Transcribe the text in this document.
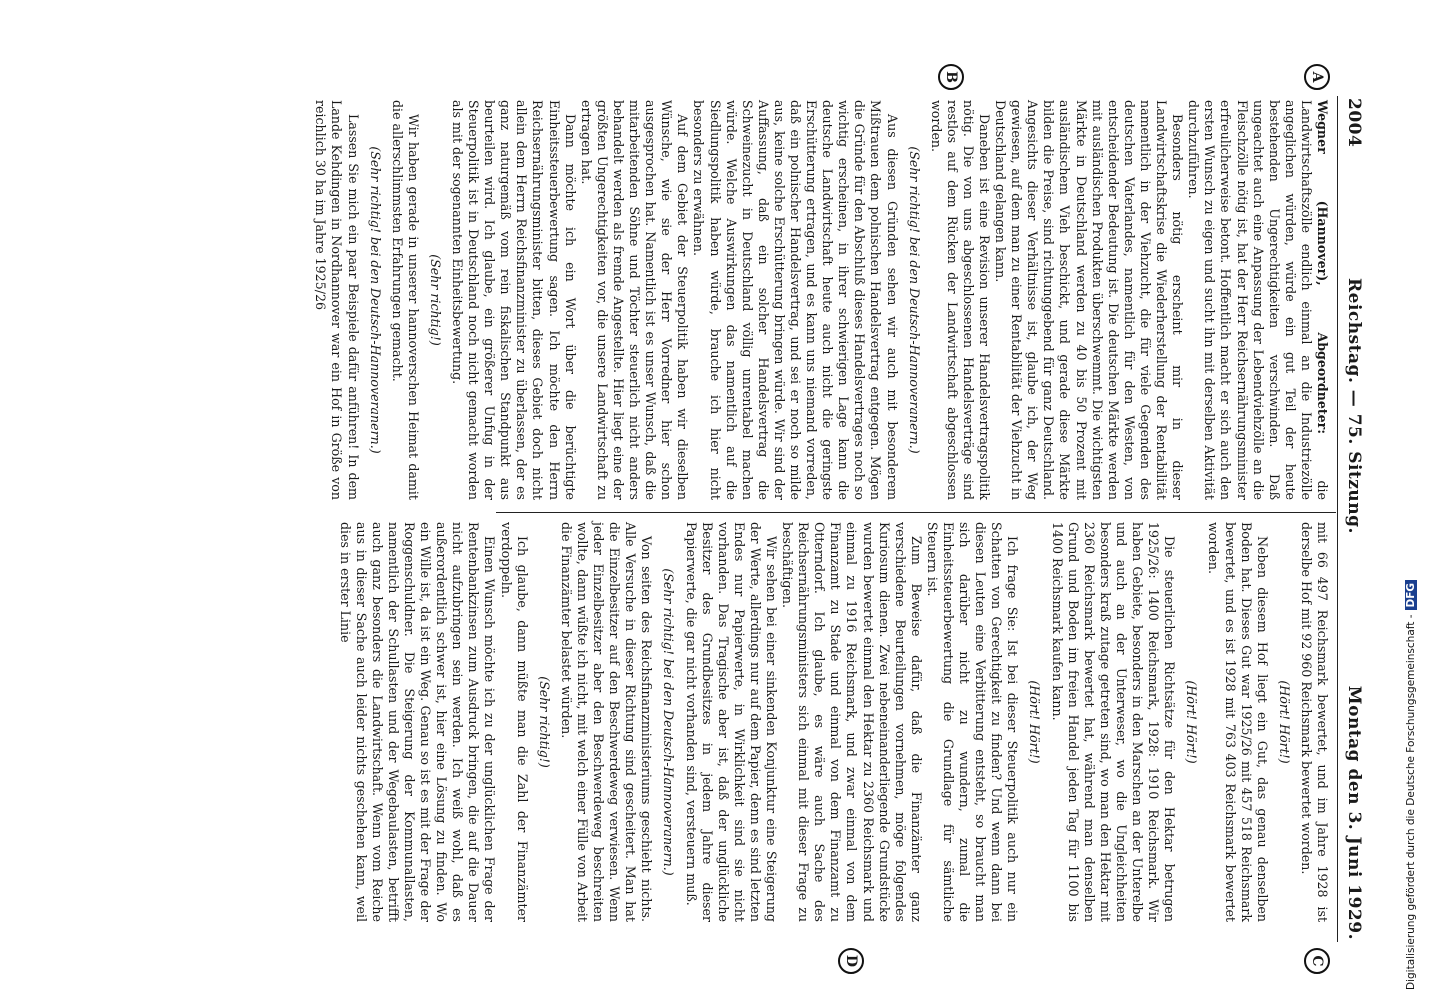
2004
Reichstag. — 75. Sitzung.
Montag den 3. Juni 1929.
A
B
C
D

Wegner (Hannover), Abgeordneter: die Landwirtschaftszölle endlich einmal an die Industriezölle angeglichen würden, würde ein gut Teil der heute bestehenden Ungerechtigkeiten verschwinden. Daß ungeachtet auch eine Anpassung der Lebendviehzölle an die Fleischzölle nötig ist, hat der Herr Reichsernährungsminister erfreulicherweise betont. Hoffentlich macht er sich auch den ersten Wunsch zu eigen und sucht ihn mit derselben Aktivität durchzuführen.

Besonders nötig erscheint mir in dieser Landwirtschaftskrise die Wiederherstellung der Rentabilität namentlich in der Viehzucht, die für viele Gegenden des deutschen Vaterlandes, namentlich für den Westen, von entscheidender Bedeutung ist. Die deutschen Märkte werden mit ausländischen Produkten überschwemmt. Die wichtigsten Märkte in Deutschland werden zu 40 bis 50 Prozent mit ausländischem Vieh beschickt, und gerade diese Märkte bilden die Preise, sind richtunggebend für ganz Deutschland. Angesichts dieser Verhältnisse ist, glaube ich, der Weg gewiesen, auf dem man zu einer Rentabilität der Viehzucht in Deutschland gelangen kann.

Daneben ist eine Revision unserer Handelsvertragspolitik nötig. Die von uns abgeschlossenen Handelsverträge sind restlos auf dem Rücken der Landwirtschaft abgeschlossen worden.

(Sehr richtig! bei den Deutsch-Hannoveranern.)

Aus diesen Gründen sehen wir auch mit besonderem Mißtrauen dem polnischen Handelsvertrag entgegen. Mögen die Gründe für den Abschluß dieses Handelsvertrages noch so wichtig erscheinen, in ihrer schwierigen Lage kann die deutsche Landwirtschaft heute auch nicht die geringste Erschütterung ertragen, und es kann uns niemand vorreden, daß ein polnischer Handelsvertrag, und sei er noch so milde aus, keine solche Erschütterung bringen würde. Wir sind der Auffassung, daß ein solcher Handelsvertrag die Schweinezucht in Deutschland völlig unrentabel machen würde. Welche Auswirkungen das namentlich auf die Siedlungspolitik haben würde, brauche ich hier nicht besonders zu erwähnen.

Auf dem Gebiet der Steuerpolitik haben wir dieselben Wünsche, wie sie der Herr Vorredner hier schon ausgesprochen hat. Namentlich ist es unser Wunsch, daß die mitarbeitenden Söhne und Töchter steuerlich nicht anders behandelt werden als fremde Angestellte. Hier liegt eine der größten Ungerechtigkeiten vor, die unsere Landwirtschaft zu ertragen hat.

Dann möchte ich ein Wort über die berüchtigte Einheitssteuerbewertung sagen. Ich möchte den Herrn Reichsernährungsminister bitten, dieses Gebiet doch nicht allein dem Herrn Reichsfinanzminister zu überlassen, der es ganz naturgemäß vom rein fiskalischen Standpunkt aus beurteilen wird. Ich glaube, ein größerer Unfug in der Steuerpolitik ist in Deutschland noch nicht gemacht worden als mit der sogenannten Einheitsbewertung.

(Sehr richtig!)

Wir haben gerade in unserer hannoverschen Heimat damit die allerschlimmsten Erfahrungen gemacht.

(Sehr richtig! bei den Deutsch-Hannoveranern.)

Lassen Sie mich ein paar Beispiele dafür anführen! In dem Lande Kehdingen in Nordhannover war ein Hof in Größe von reichlich 30 ha im Jahre 1925/26

mit 66 497 Reichsmark bewertet, und im Jahre 1928 ist derselbe Hof mit 92 960 Reichsmark bewertet worden.

(Hört! Hört!)

Neben diesem Hof liegt ein Gut, das genau denselben Boden hat. Dieses Gut war 1925/26 mit 457 518 Reichsmark bewertet, und es ist 1928 mit 763 403 Reichsmark bewertet worden.

(Hört! Hört!)

Die steuerlichen Richtsätze für den Hektar betrugen 1925/26: 1400 Reichsmark, 1928: 1910 Reichsmark. Wir haben Gebiete, besonders in den Marschen an der Unterelbe und auch an der Unterweser, wo die Ungleichheiten besonders kraß zutage getreten sind, wo man den Hektar mit 2360 Reichsmark bewertet hat, während man denselben Grund und Boden im freien Handel jeden Tag für 1100 bis 1400 Reichsmark kaufen kann.

(Hört! Hört!)

Ich frage Sie: Ist bei dieser Steuerpolitik auch nur ein Schatten von Gerechtigkeit zu finden? Und wenn dann bei diesen Leuten eine Verbitterung entsteht, so braucht man sich darüber nicht zu wundern, zumal die Einheitssteuerbewertung die Grundlage für sämtliche Steuern ist.

Zum Beweise dafür, daß die Finanzämter ganz verschiedene Beurteilungen vornehmen, möge folgendes Kuriosum dienen. Zwei nebeneinanderliegende Grundstücke wurden bewertet einmal den Hektar zu 2360 Reichsmark und einmal zu 1916 Reichsmark, und zwar einmal von dem Finanzamt zu Stade und einmal von dem Finanzamt zu Otterndorf. Ich glaube, es wäre auch Sache des Reichsernährungsministers sich einmal mit dieser Frage zu beschäftigen.

Wir sehen bei einer sinkenden Konjunktur eine Steigerung der Werte, allerdings nur auf dem Papier, denn es sind letzten Endes nur Papierwerte, in Wirklichkeit sind sie nicht vorhanden. Das Tragische aber ist, daß der unglückliche Besitzer des Grundbesitzes in jedem Jahre dieser Papierwerte, die gar nicht vorhanden sind, versteuern muß.

(Sehr richtig! bei den Deutsch-Hannoveranern.)

Von seiten des Reichsfinanzministeriums geschieht nichts. Alle Versuche in dieser Richtung sind gescheitert. Man hat die Einzelbesitzer auf den Beschwerdeweg verwiesen. Wenn jeder Einzelbesitzer aber den Beschwerdeweg beschreiten wollte, dann wüßte ich nicht, mit welch einer Fülle von Arbeit die Finanzämter belastet würden.

(Sehr richtig!)

Ich glaube, dann müßte man die Zahl der Finanzämter verdoppeln.

Einen Wunsch möchte ich zu der unglücklichen Frage der Rentenbankzinsen zum Ausdruck bringen, die auf die Dauer nicht aufzubringen sein werden. Ich weiß wohl, daß es außerordentlich schwer ist, hier eine Lösung zu finden. Wo ein Wille ist, da ist ein Weg. Genau so ist es mit der Frage der Roggenschuldner. Die Steigerung der Kommunallasten, namentlich der Schullasten und der Wegebaulasten, betrifft auch ganz besonders die Landwirtschaft. Wenn vom Reiche aus in dieser Sache auch leider nichts geschehen kann, weil dies in erster Linie

Digitalisierung gefördert durch die Deutsche Forschungsgemeinschaft -DFG
